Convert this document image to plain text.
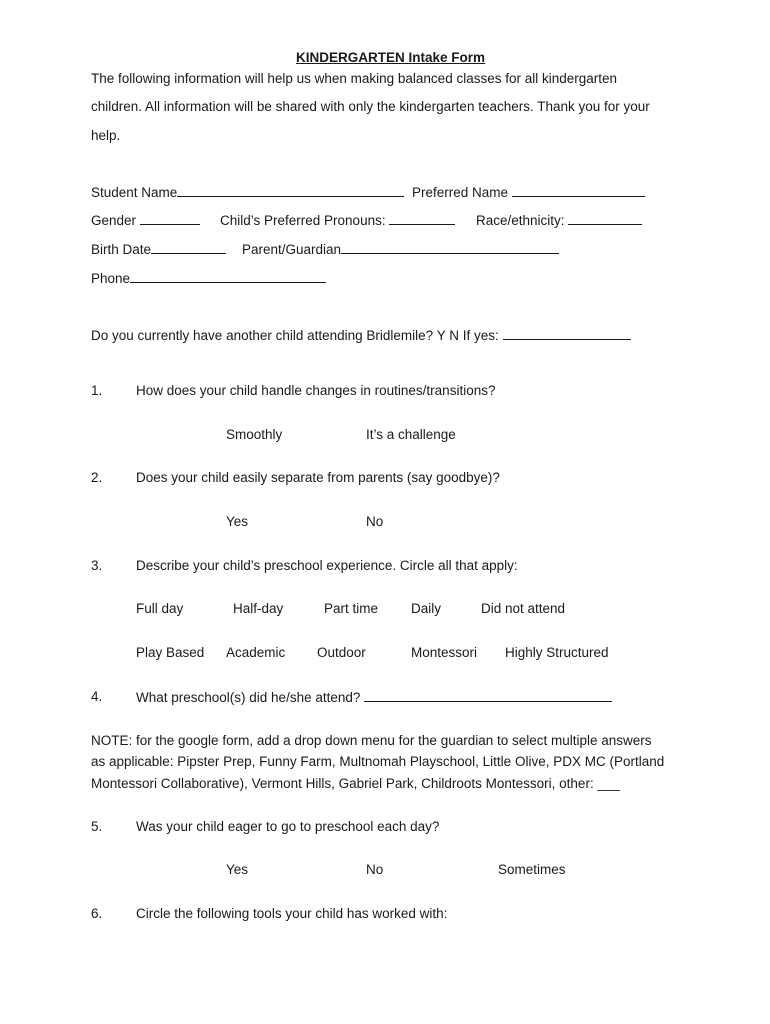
KINDERGARTEN Intake Form
The following information will help us when making balanced classes for all kindergarten
children. All information will be shared with only the kindergarten teachers. Thank you for your
help.
Student Name	Preferred Name
Gender	Child’s Preferred Pronouns:	Race/ethnicity:
Birth Date	Parent/Guardian
Phone
Do you currently have another child attending Bridlemile? Y N If yes:
1. How does your child handle changes in routines/transitions?
Smoothly	It’s a challenge
2. Does your child easily separate from parents (say goodbye)?
Yes	No
3. Describe your child’s preschool experience. Circle all that apply:
Full day	Half-day	Part time Daily	Did not attend
Play Based Academic Outdoor	Montessori Highly Structured
4. What preschool(s) did he/she attend?
NOTE: for the google form, add a drop down menu for the guardian to select multiple answers
as applicable: Pipster Prep, Funny Farm, Multnomah Playschool, Little Olive, PDX MC (Portland
Montessori Collaborative), Vermont Hills, Gabriel Park, Childroots Montessori, other: ___
5. Was your child eager to go to preschool each day?
Yes	No	Sometimes
6. Circle the following tools your child has worked with:
